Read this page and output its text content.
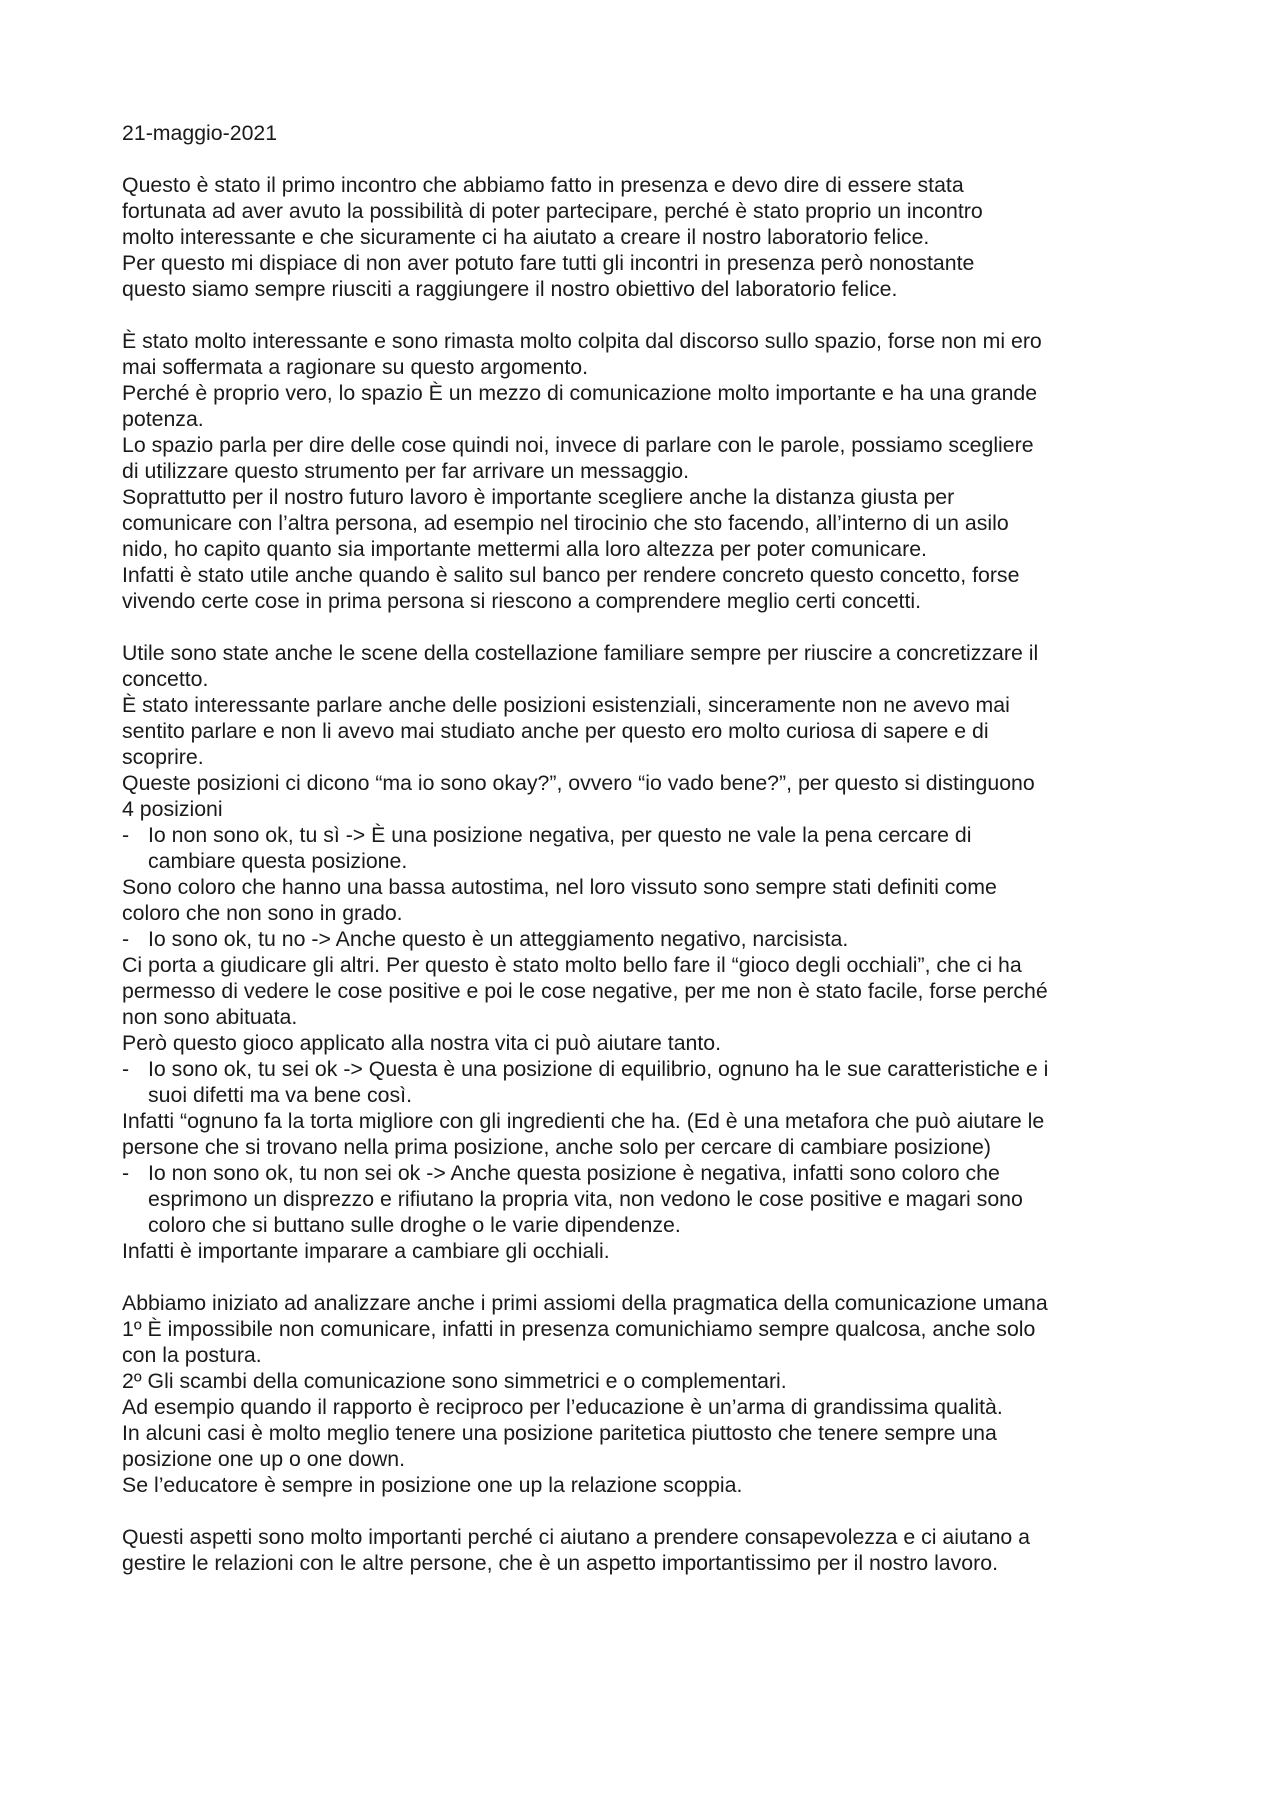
21-maggio-2021
Questo è stato il primo incontro che abbiamo fatto in presenza e devo dire di essere stata
fortunata ad aver avuto la possibilità di poter partecipare, perché è stato proprio un incontro
molto interessante e che sicuramente ci ha aiutato a creare il nostro laboratorio felice.
Per questo mi dispiace di non aver potuto fare tutti gli incontri in presenza però nonostante
questo siamo sempre riusciti a raggiungere il nostro obiettivo del laboratorio felice.
È stato molto interessante e sono rimasta molto colpita dal discorso sullo spazio, forse non mi ero
mai soffermata a ragionare su questo argomento.
Perché è proprio vero, lo spazio È un mezzo di comunicazione molto importante e ha una grande
potenza.
Lo spazio parla per dire delle cose quindi noi, invece di parlare con le parole, possiamo scegliere
di utilizzare questo strumento per far arrivare un messaggio.
Soprattutto per il nostro futuro lavoro è importante scegliere anche la distanza giusta per
comunicare con l’altra persona, ad esempio nel tirocinio che sto facendo, all’interno di un asilo
nido, ho capito quanto sia importante mettermi alla loro altezza per poter comunicare.
Infatti è stato utile anche quando è salito sul banco per rendere concreto questo concetto, forse
vivendo certe cose in prima persona si riescono a comprendere meglio certi concetti.
Utile sono state anche le scene della costellazione familiare sempre per riuscire a concretizzare il
concetto.
È stato interessante parlare anche delle posizioni esistenziali, sinceramente non ne avevo mai
sentito parlare e non li avevo mai studiato anche per questo ero molto curiosa di sapere e di
scoprire.
Queste posizioni ci dicono “ma io sono okay?”, ovvero “io vado bene?”, per questo si distinguono
4 posizioni
- Io non sono ok, tu sì -> È una posizione negativa, per questo ne vale la pena cercare di
cambiare questa posizione.
Sono coloro che hanno una bassa autostima, nel loro vissuto sono sempre stati definiti come
coloro che non sono in grado.
- Io sono ok, tu no -> Anche questo è un atteggiamento negativo, narcisista.
Ci porta a giudicare gli altri. Per questo è stato molto bello fare il “gioco degli occhiali”, che ci ha
permesso di vedere le cose positive e poi le cose negative, per me non è stato facile, forse perché
non sono abituata.
Però questo gioco applicato alla nostra vita ci può aiutare tanto.
- Io sono ok, tu sei ok -> Questa è una posizione di equilibrio, ognuno ha le sue caratteristiche e i
suoi difetti ma va bene così.
Infatti “ognuno fa la torta migliore con gli ingredienti che ha. (Ed è una metafora che può aiutare le
persone che si trovano nella prima posizione, anche solo per cercare di cambiare posizione)
- Io non sono ok, tu non sei ok -> Anche questa posizione è negativa, infatti sono coloro che
esprimono un disprezzo e rifiutano la propria vita, non vedono le cose positive e magari sono
coloro che si buttano sulle droghe o le varie dipendenze.
Infatti è importante imparare a cambiare gli occhiali.
Abbiamo iniziato ad analizzare anche i primi assiomi della pragmatica della comunicazione umana
1º È impossibile non comunicare, infatti in presenza comunichiamo sempre qualcosa, anche solo
con la postura.
2º Gli scambi della comunicazione sono simmetrici e o complementari.
Ad esempio quando il rapporto è reciproco per l’educazione è un’arma di grandissima qualità.
In alcuni casi è molto meglio tenere una posizione paritetica piuttosto che tenere sempre una
posizione one up o one down.
Se l’educatore è sempre in posizione one up la relazione scoppia.
Questi aspetti sono molto importanti perché ci aiutano a prendere consapevolezza e ci aiutano a
gestire le relazioni con le altre persone, che è un aspetto importantissimo per il nostro lavoro.
